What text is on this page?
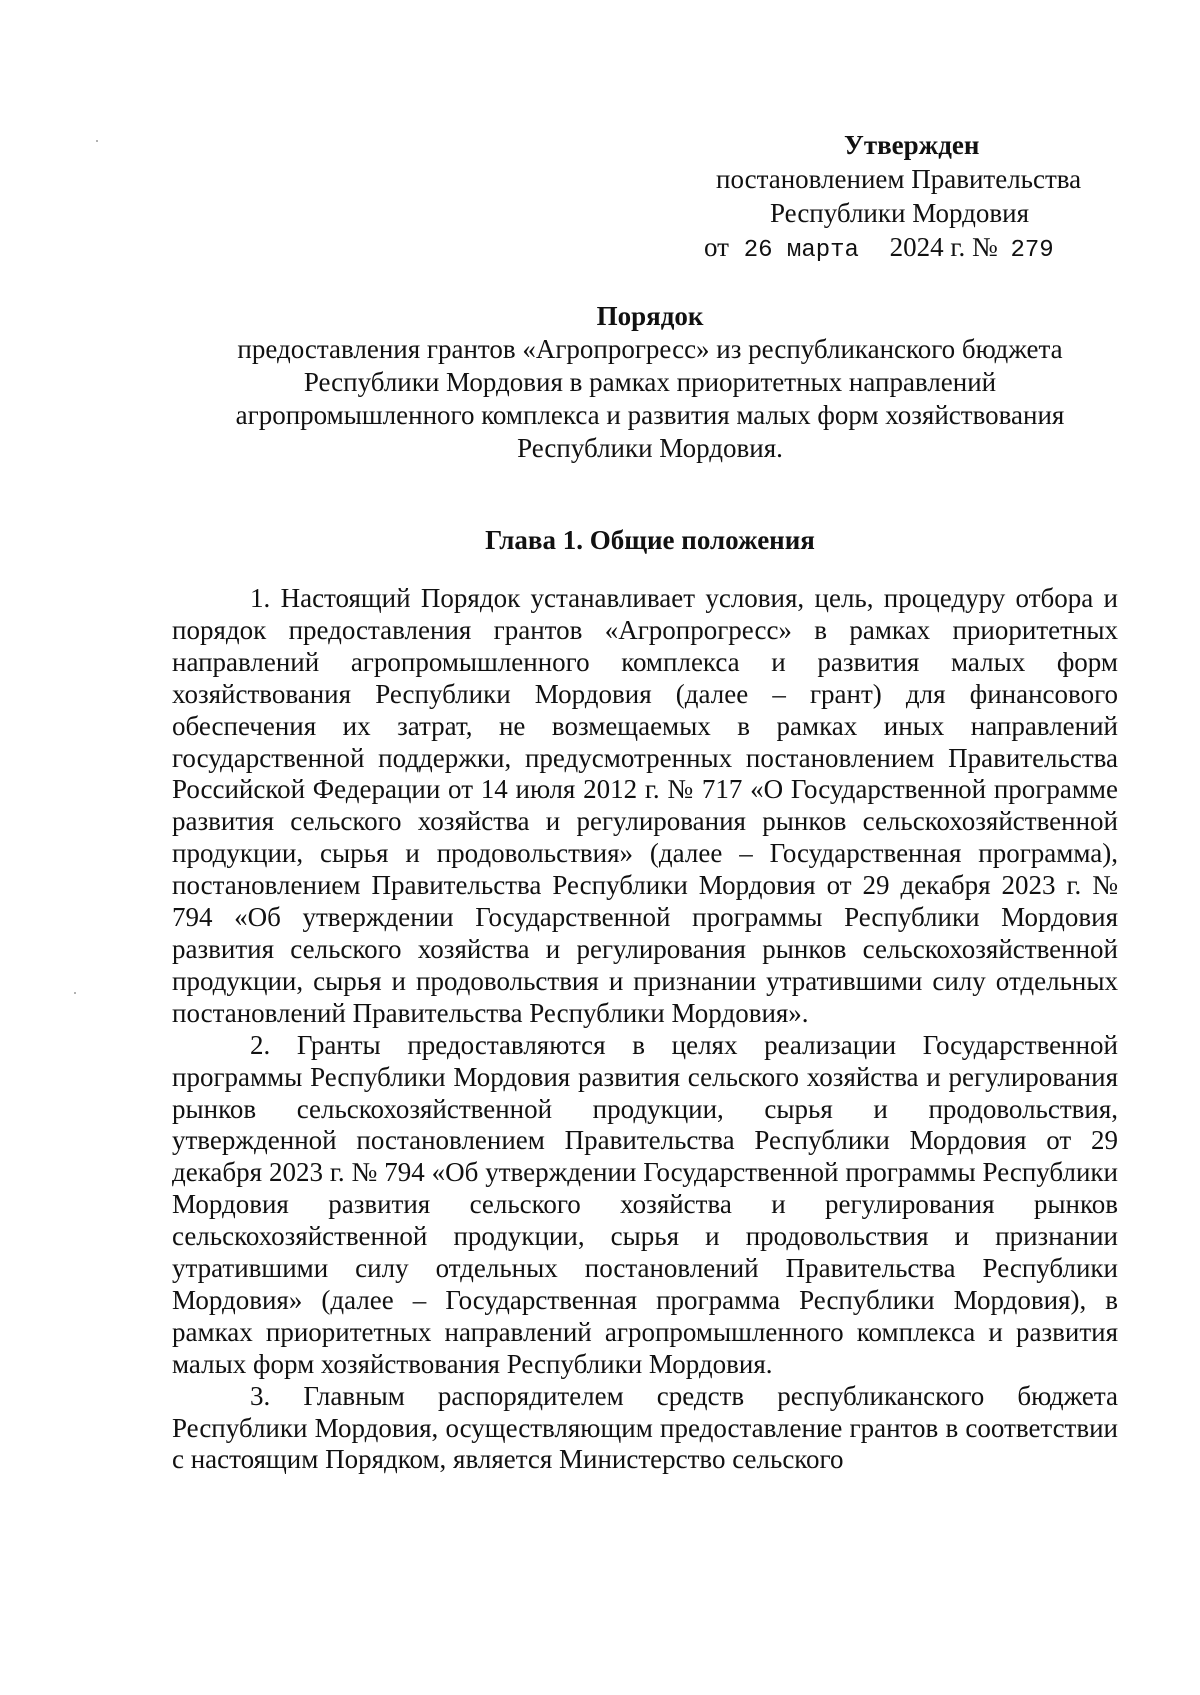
Утвержден
постановлением Правительства
Республики Мордовия
от 26 марта 2024 г. № 279
Порядок
предоставления грантов «Агропрогресс» из республиканского бюджета
Республики Мордовия в рамках приоритетных направлений
агропромышленного комплекса и развития малых форм хозяйствования
Республики Мордовия.
Глава 1. Общие положения

1. Настоящий Порядок устанавливает условия, цель, процедуру отбора и порядок предоставления грантов «Агропрогресс» в рамках приоритетных направлений агропромышленного комплекса и развития малых форм хозяйствования Республики Мордовия (далее – грант) для финансового обеспечения их затрат, не возмещаемых в рамках иных направлений государственной поддержки, предусмотренных постановлением Правительства Российской Федерации от 14 июля 2012 г. № 717 «О Государственной программе развития сельского хозяйства и регулирования рынков сельскохозяйственной продукции, сырья и продовольствия» (далее – Государственная программа), постановлением Правительства Республики Мордовия от 29 декабря 2023 г. № 794 «Об утверждении Государственной программы Республики Мордовия развития сельского хозяйства и регулирования рынков сельскохозяйственной продукции, сырья и продовольствия и признании утратившими силу отдельных постановлений Правительства Республики Мордовия».

2. Гранты предоставляются в целях реализации Государственной программы Республики Мордовия развития сельского хозяйства и регулирования рынков сельскохозяйственной продукции, сырья и продовольствия, утвержденной постановлением Правительства Республики Мордовия от 29 декабря 2023 г. № 794 «Об утверждении Государственной программы Республики Мордовия развития сельского хозяйства и регулирования рынков сельскохозяйственной продукции, сырья и продовольствия и признании утратившими силу отдельных постановлений Правительства Республики Мордовия» (далее – Государственная программа Республики Мордовия), в рамках приоритетных направлений агропромышленного комплекса и развития малых форм хозяйствования Республики Мордовия.

3. Главным распорядителем средств республиканского бюджета Республики Мордовия, осуществляющим предоставление грантов в соответствии с настоящим Порядком, является Министерство сельского
